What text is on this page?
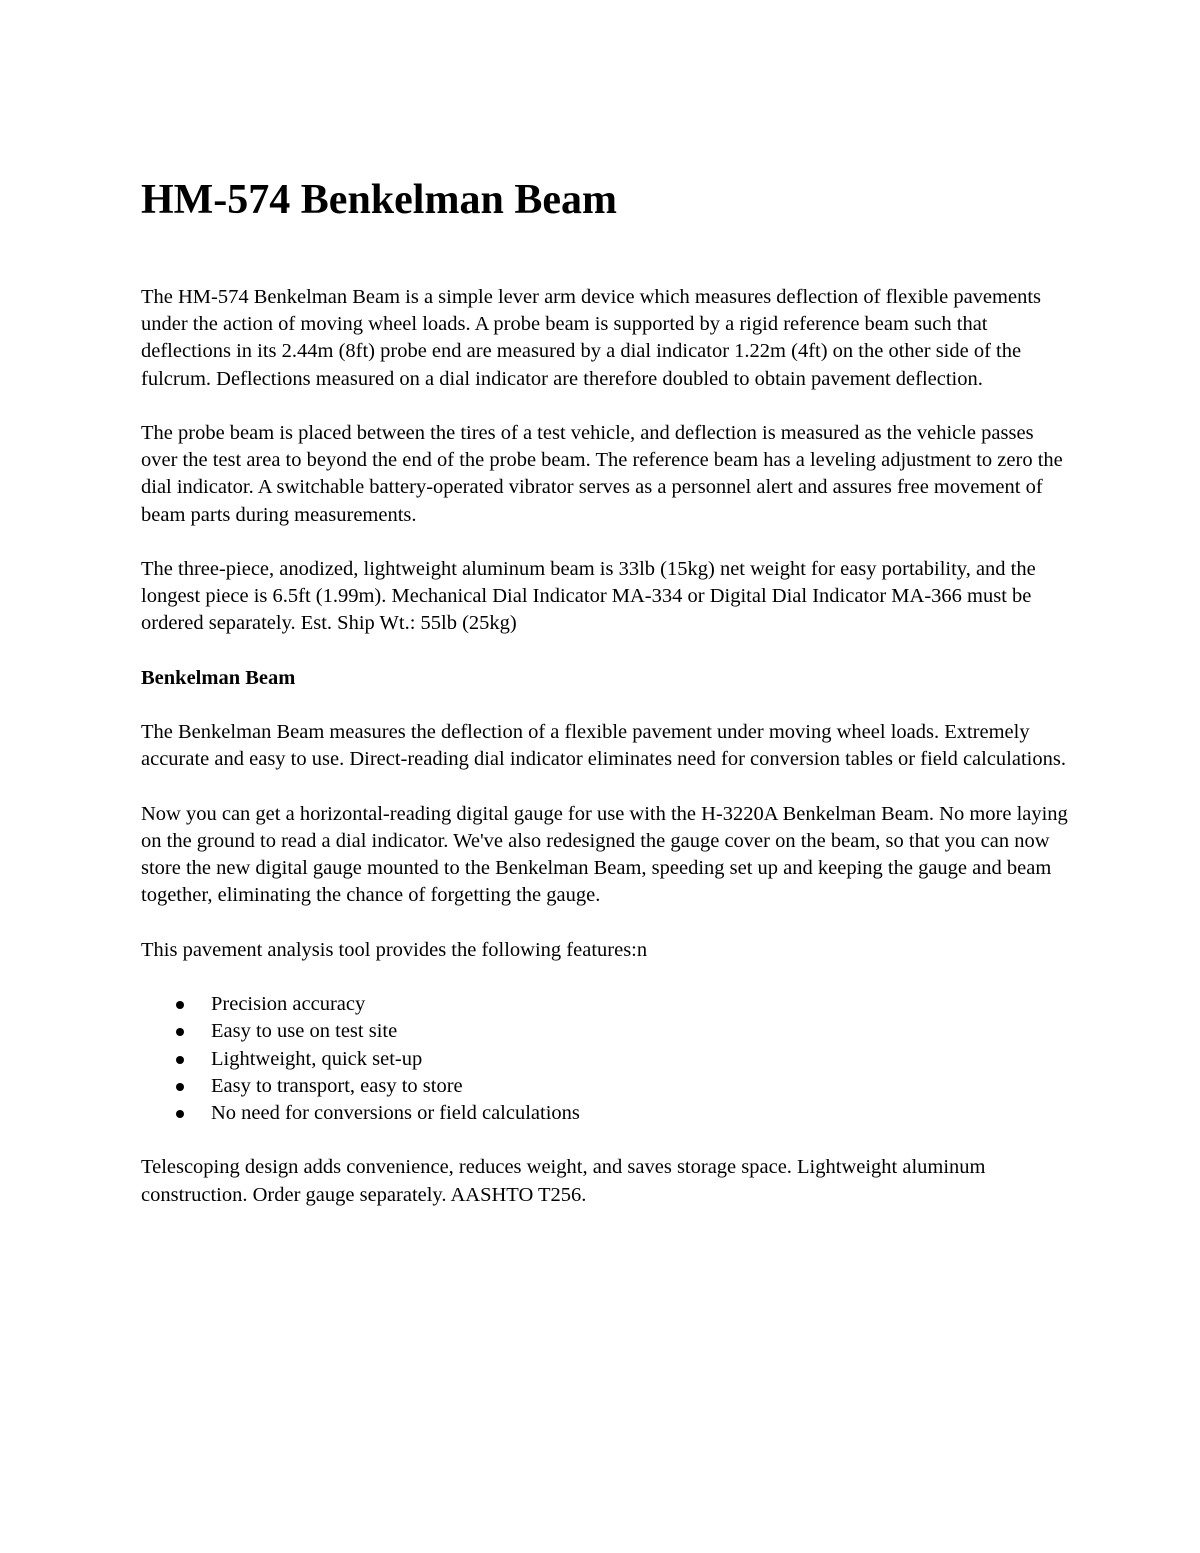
HM-574 Benkelman Beam

The HM-574 Benkelman Beam is a simple lever arm device which measures deflection of flexible pavements under the action of moving wheel loads. A probe beam is supported by a rigid reference beam such that deflections in its 2.44m (8ft) probe end are measured by a dial indicator 1.22m (4ft) on the other side of the fulcrum. Deflections measured on a dial indicator are therefore doubled to obtain pavement deflection.

The probe beam is placed between the tires of a test vehicle, and deflection is measured as the vehicle passes over the test area to beyond the end of the probe beam. The reference beam has a leveling adjustment to zero the dial indicator. A switchable battery-operated vibrator serves as a personnel alert and assures free movement of beam parts during measurements.

The three-piece, anodized, lightweight aluminum beam is 33lb (15kg) net weight for easy portability, and the longest piece is 6.5ft (1.99m). Mechanical Dial Indicator MA-334 or Digital Dial Indicator MA-366 must be ordered separately. Est. Ship Wt.: 55lb (25kg)

Benkelman Beam

The Benkelman Beam measures the deflection of a flexible pavement under moving wheel loads. Extremely accurate and easy to use. Direct-reading dial indicator eliminates need for conversion tables or field calculations.

Now you can get a horizontal-reading digital gauge for use with the H-3220A Benkelman Beam. No more laying on the ground to read a dial indicator. We've also redesigned the gauge cover on the beam, so that you can now store the new digital gauge mounted to the Benkelman Beam, speeding set up and keeping the gauge and beam together, eliminating the chance of forgetting the gauge.

This pavement analysis tool provides the following features:n

Precision accuracy
Easy to use on test site
Lightweight, quick set-up
Easy to transport, easy to store
No need for conversions or field calculations

Telescoping design adds convenience, reduces weight, and saves storage space. Lightweight aluminum construction. Order gauge separately. AASHTO T256.
